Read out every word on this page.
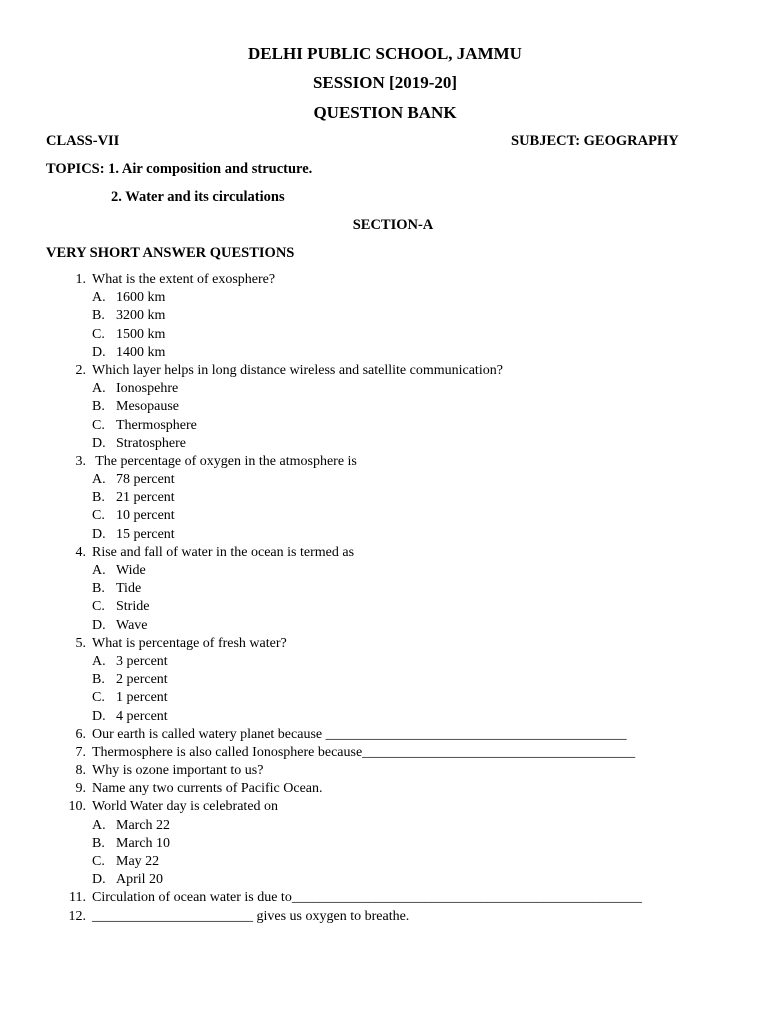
DELHI PUBLIC SCHOOL, JAMMU
SESSION [2019-20]
QUESTION BANK
CLASS-VII	SUBJECT: GEOGRAPHY
TOPICS: 1. Air composition and structure.
2. Water and its circulations
SECTION-A
VERY SHORT ANSWER QUESTIONS
1. What is the extent of exosphere?
A. 1600 km
B. 3200 km
C. 1500 km
D. 1400 km
2. Which layer helps in long distance wireless and satellite communication?
A. Ionospehre
B. Mesopause
C. Thermosphere
D. Stratosphere
3. The percentage of oxygen in the atmosphere is
A. 78 percent
B. 21 percent
C. 10 percent
D. 15 percent
4. Rise and fall of water in the ocean is termed as
A. Wide
B. Tide
C. Stride
D. Wave
5. What is percentage of fresh water?
A. 3 percent
B. 2 percent
C. 1 percent
D. 4 percent
6. Our earth is called watery planet because ___________________________________________
7. Thermosphere is also called Ionosphere because_______________________________________
8. Why is ozone important to us?
9. Name any two currents of Pacific Ocean.
10. World Water day is celebrated on
A. March 22
B. March 10
C. May 22
D. April 20
11. Circulation of ocean water is due to__________________________________________________
12. _______________________ gives us oxygen to breathe.
